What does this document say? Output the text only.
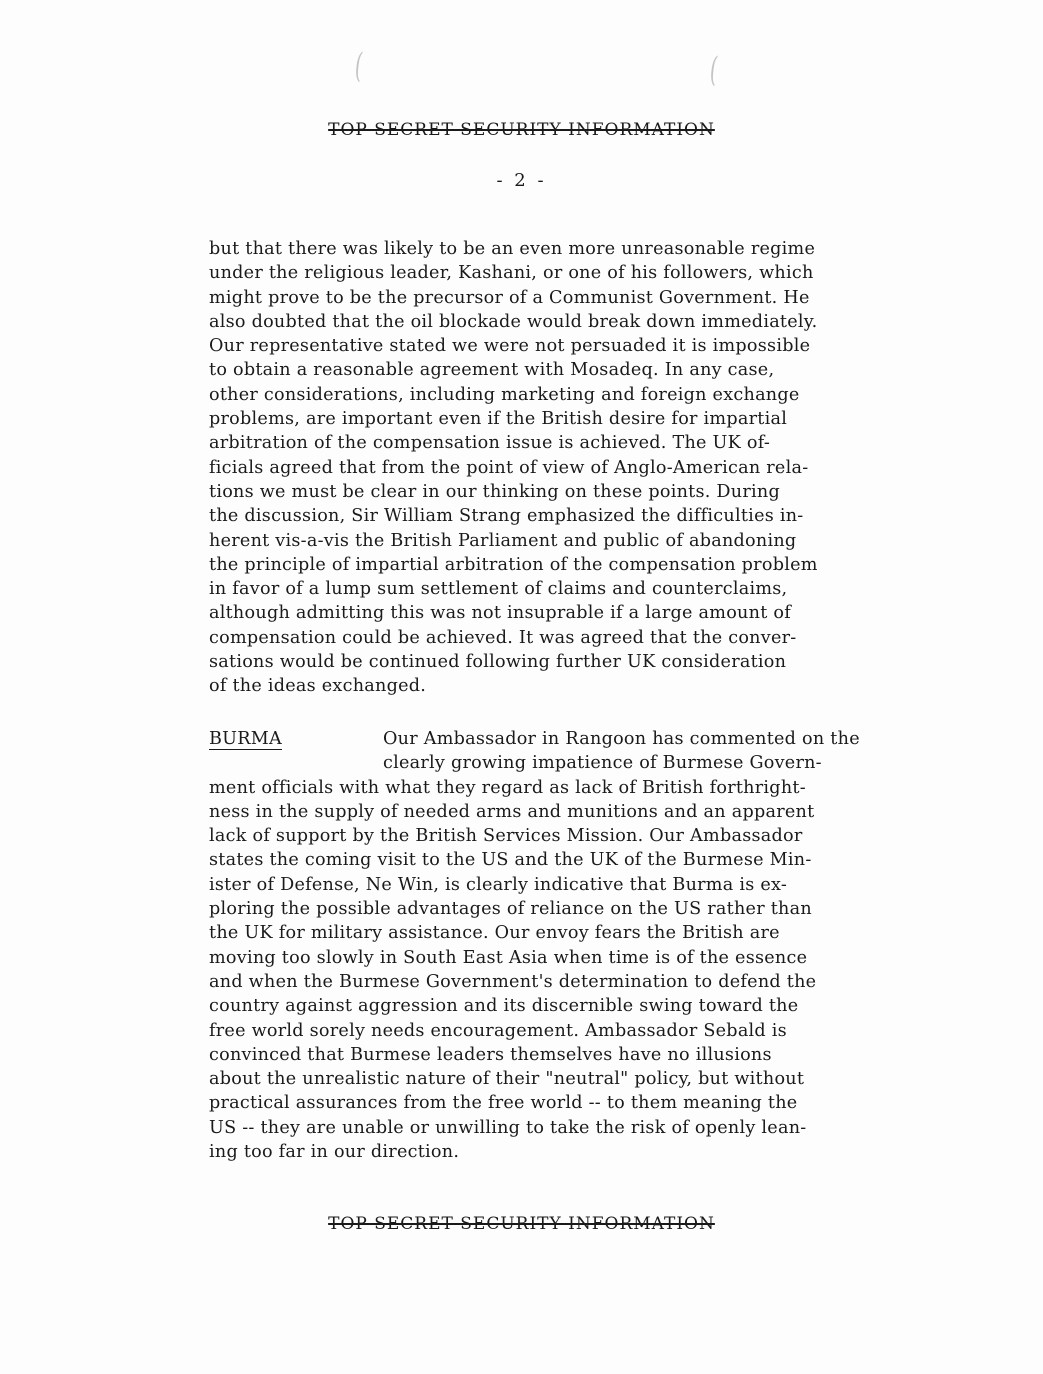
(	(
TOP SECRET SECURITY INFORMATION
- 2 -
but that there was likely to be an even more unreasonable regime
under the religious leader, Kashani, or one of his followers, which
might prove to be the precursor of a Communist Government. He
also doubted that the oil blockade would break down immediately.
Our representative stated we were not persuaded it is impossible
to obtain a reasonable agreement with Mosadeq. In any case,
other considerations, including marketing and foreign exchange
problems, are important even if the British desire for impartial
arbitration of the compensation issue is achieved. The UK of-
ficials agreed that from the point of view of Anglo-American rela-
tions we must be clear in our thinking on these points. During
the discussion, Sir William Strang emphasized the difficulties in-
herent vis-a-vis the British Parliament and public of abandoning
the principle of impartial arbitration of the compensation problem
in favor of a lump sum settlement of claims and counterclaims,
although admitting this was not insuprable if a large amount of
compensation could be achieved. It was agreed that the conver-
sations would be continued following further UK consideration
of the ideas exchanged.
BURMA	Our Ambassador in Rangoon has commented on the
clearly growing impatience of Burmese Govern-
ment officials with what they regard as lack of British forthright-
ness in the supply of needed arms and munitions and an apparent
lack of support by the British Services Mission. Our Ambassador
states the coming visit to the US and the UK of the Burmese Min-
ister of Defense, Ne Win, is clearly indicative that Burma is ex-
ploring the possible advantages of reliance on the US rather than
the UK for military assistance. Our envoy fears the British are
moving too slowly in South East Asia when time is of the essence
and when the Burmese Government's determination to defend the
country against aggression and its discernible swing toward the
free world sorely needs encouragement. Ambassador Sebald is
convinced that Burmese leaders themselves have no illusions
about the unrealistic nature of their "neutral" policy, but without
practical assurances from the free world -- to them meaning the
US -- they are unable or unwilling to take the risk of openly lean-
ing too far in our direction.
TOP SECRET SECURITY INFORMATION
